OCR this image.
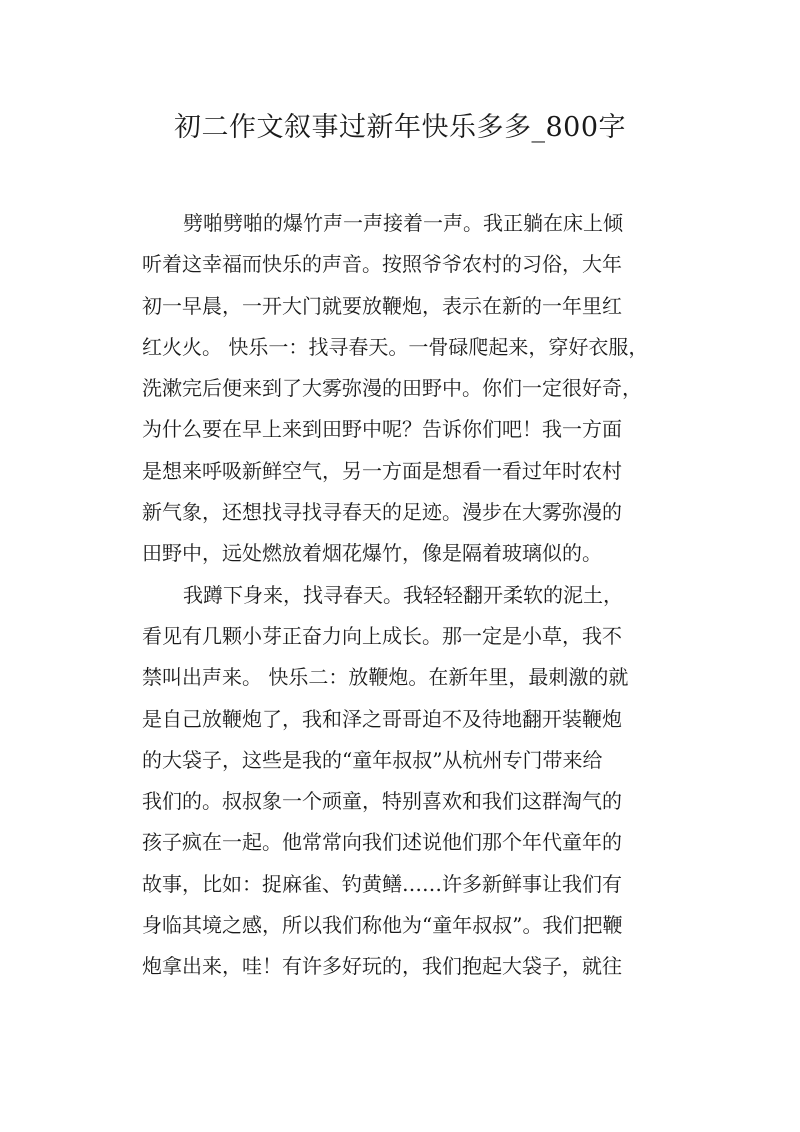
初二作文叙事过新年快乐多多_800字
劈啪劈啪的爆竹声一声接着一声。我正躺在床上倾
听着这幸福而快乐的声音。按照爷爷农村的习俗，大年
初一早晨，一开大门就要放鞭炮，表示在新的一年里红
红火火。 快乐一：找寻春天。一骨碌爬起来，穿好衣服，
洗漱完后便来到了大雾弥漫的田野中。你们一定很好奇，
为什么要在早上来到田野中呢？告诉你们吧！我一方面
是想来呼吸新鲜空气，另一方面是想看一看过年时农村
新气象，还想找寻找寻春天的足迹。漫步在大雾弥漫的
田野中，远处燃放着烟花爆竹，像是隔着玻璃似的。
我蹲下身来，找寻春天。我轻轻翻开柔软的泥土，
看见有几颗小芽正奋力向上成长。那一定是小草，我不
禁叫出声来。 快乐二：放鞭炮。在新年里，最刺激的就
是自己放鞭炮了，我和泽之哥哥迫不及待地翻开装鞭炮
的大袋子，这些是我的“童年叔叔”从杭州专门带来给
我们的。叔叔象一个顽童，特别喜欢和我们这群淘气的
孩子疯在一起。他常常向我们述说他们那个年代童年的
故事，比如：捉麻雀、钓黄鳝……许多新鲜事让我们有
身临其境之感，所以我们称他为“童年叔叔”。我们把鞭
炮拿出来，哇！有许多好玩的，我们抱起大袋子，就往
